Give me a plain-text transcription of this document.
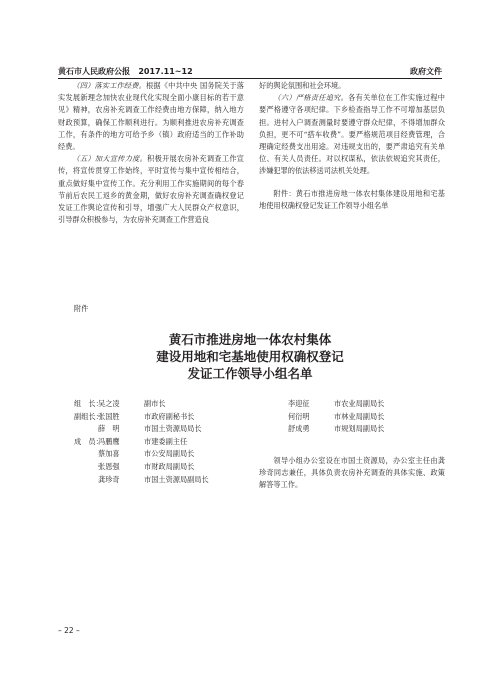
黄石市人民政府公报 2017.11~12	政府文件

（四）落实工作经费。根据《中共中央 国务院关于落实发展新理念加快农业现代化实现全面小康目标的若干意见》精神，农房补充调查工作经费由地方保障，纳入地方财政预算，确保工作顺利进行。为顺利推进农房补充调查工作，有条件的地方可给予乡（镇）政府适当的工作补助经费。

（五）加大宣传力度。积极开展农房补充调查工作宣传，将宣传贯穿工作始终，平时宣传与集中宣传相结合，重点做好集中宣传工作。充分利用工作实施期间的每个春节前后农民工返乡的黄金期，做好农房补充调查确权登记发证工作舆论宣传和引导，增强广大人民群众产权意识，引导群众积极参与，为农房补充调查工作营造良

好的舆论氛围和社会环境。

（六）严格责任追究。各有关单位在工作实施过程中要严格遵守各项纪律。下乡检查指导工作不可增加基层负担。进村入户调查测量时要遵守群众纪律，不得增加群众负担，更不可“搭车收费”。要严格规范项目经费管理，合理确定经费支出用途。对违规支出的，要严肃追究有关单位、有关人员责任。对以权谋私，依法依规追究其责任，涉嫌犯罪的依法移送司法机关处理。

附件：黄石市推进房地一体农村集体建设用地和宅基地使用权确权登记发证工作领导小组名单

附件
黄石市推进房地一体农村集体
建设用地和宅基地使用权确权登记
发证工作领导小组名单
组　长：吴之凌	副市长
副组长：张国胜	市政府副秘书长
薛　明	市国土资源局局长
成　员：冯鹏鹰	市建委副主任
蔡加喜	市公安局副局长
张恩强	市财政局副局长
龚珍奇	市国土资源局副局长
李迎征	市农业局副局长
何衍明	市林业局副局长
舒成勇	市规划局副局长

领导小组办公室设在市国土资源局，办公室主任由龚珍奇同志兼任，具体负责农房补充调查的具体实施、政策解答等工作。

– 22 –
